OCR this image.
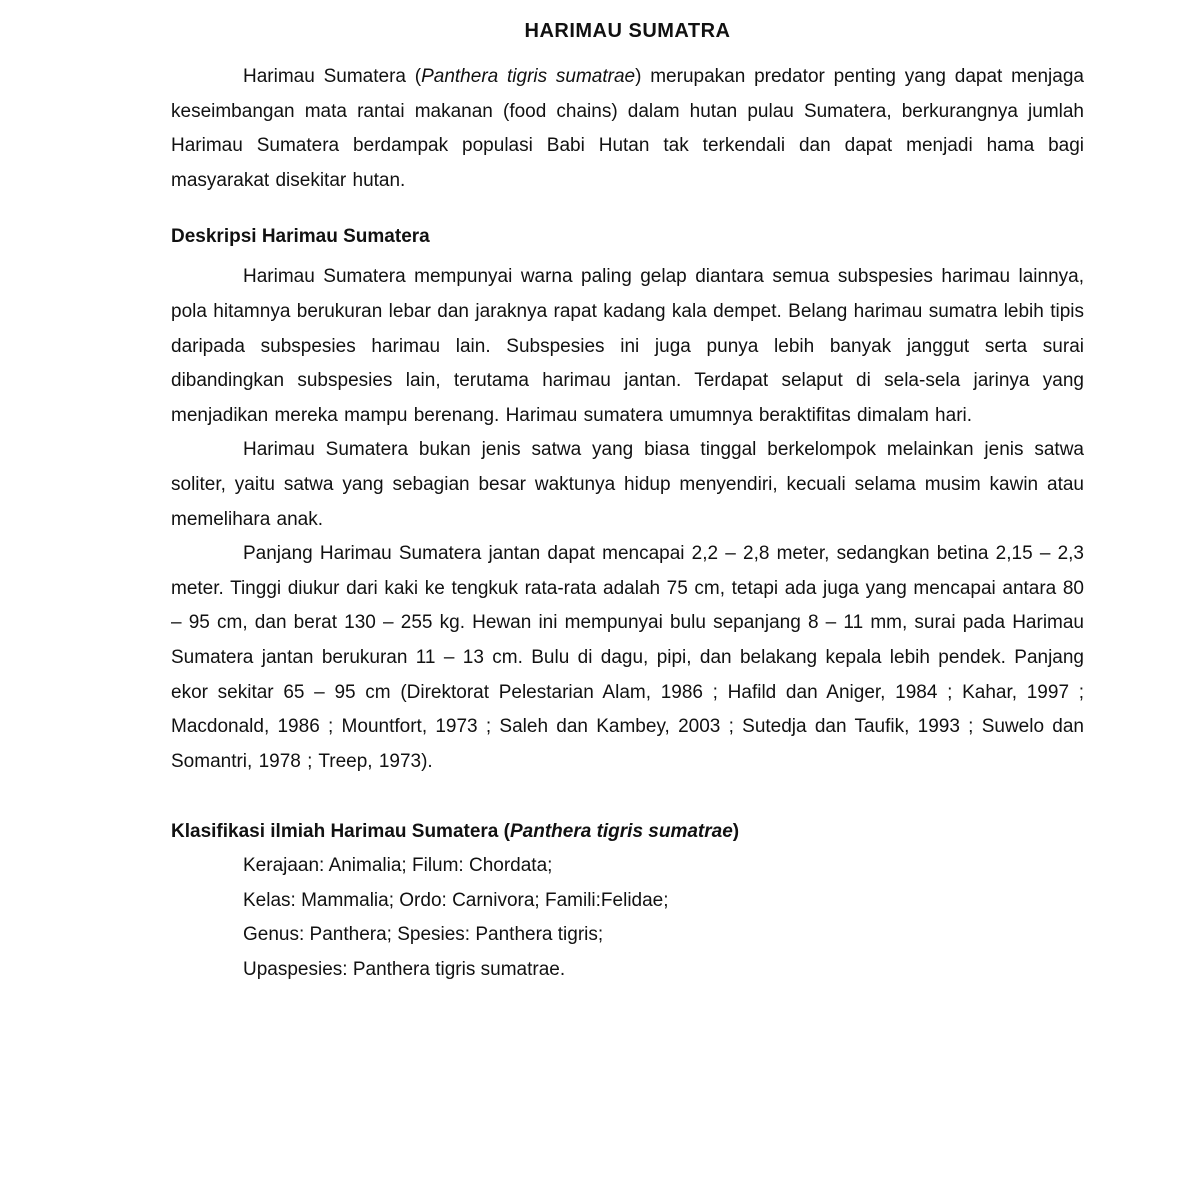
HARIMAU SUMATRA

Harimau Sumatera (Panthera tigris sumatrae) merupakan predator penting yang dapat menjaga keseimbangan mata rantai makanan (food chains) dalam hutan pulau Sumatera, berkurangnya jumlah Harimau Sumatera berdampak populasi Babi Hutan tak terkendali dan dapat menjadi hama bagi masyarakat disekitar hutan.

Deskripsi Harimau Sumatera

Harimau Sumatera mempunyai warna paling gelap diantara semua subspesies harimau lainnya, pola hitamnya berukuran lebar dan jaraknya rapat kadang kala dempet. Belang harimau sumatra lebih tipis daripada subspesies harimau lain. Subspesies ini juga punya lebih banyak janggut serta surai dibandingkan subspesies lain, terutama harimau jantan. Terdapat selaput di sela-sela jarinya yang menjadikan mereka mampu berenang. Harimau sumatera umumnya beraktifitas dimalam hari.

Harimau Sumatera bukan jenis satwa yang biasa tinggal berkelompok melainkan jenis satwa soliter, yaitu satwa yang sebagian besar waktunya hidup menyendiri, kecuali selama musim kawin atau memelihara anak.

Panjang Harimau Sumatera jantan dapat mencapai 2,2 – 2,8 meter, sedangkan betina 2,15 – 2,3 meter. Tinggi diukur dari kaki ke tengkuk rata-rata adalah 75 cm, tetapi ada juga yang mencapai antara 80 – 95 cm, dan berat 130 – 255 kg. Hewan ini mempunyai bulu sepanjang 8 – 11 mm, surai pada Harimau Sumatera jantan berukuran 11 – 13 cm. Bulu di dagu, pipi, dan belakang kepala lebih pendek. Panjang ekor sekitar 65 – 95 cm (Direktorat Pelestarian Alam, 1986 ; Hafild dan Aniger, 1984 ; Kahar, 1997 ; Macdonald, 1986 ; Mountfort, 1973 ; Saleh dan Kambey, 2003 ; Sutedja dan Taufik, 1993 ; Suwelo dan Somantri, 1978 ; Treep, 1973).

Klasifikasi ilmiah Harimau Sumatera (Panthera tigris sumatrae)
Kerajaan: Animalia; Filum: Chordata;
Kelas: Mammalia; Ordo: Carnivora; Famili:Felidae;
Genus: Panthera; Spesies: Panthera tigris;
Upaspesies: Panthera tigris sumatrae.
